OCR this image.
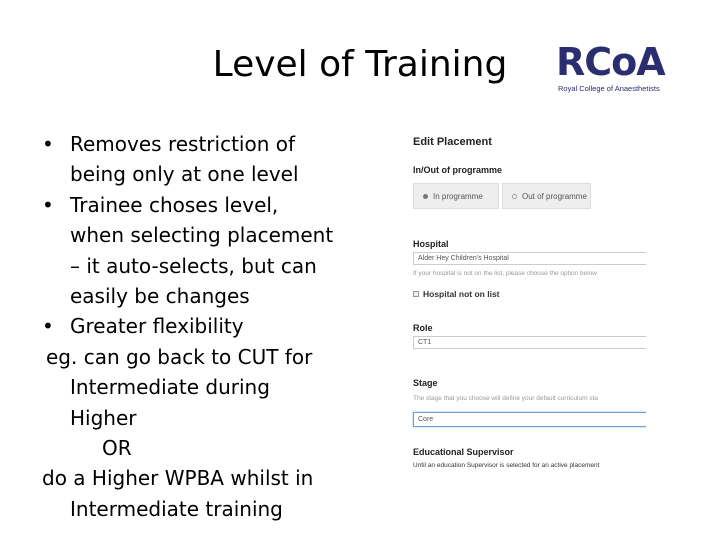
Level of Training	RCoA
Royal College of Anaesthetists
• Removes restriction of
being only at one level
• Trainee choses level,
when selecting placement
– it auto-selects, but can
easily be changes
• Greater flexibility
eg. can go back to CUT for
Intermediate during
Higher
OR
do a Higher WPBA whilst in
Intermediate training
Edit Placement
In/Out of programme
In programme	Out of programme
Hospital
Alder Hey Children's Hospital
If your hospital is not on the list, please choose the option below
Hospital not on list
Role
CT1
Stage
The stage that you choose will define your default curriculum sta
Core
Educational Supervisor
Until an education Supervisor is selected for an active placement
